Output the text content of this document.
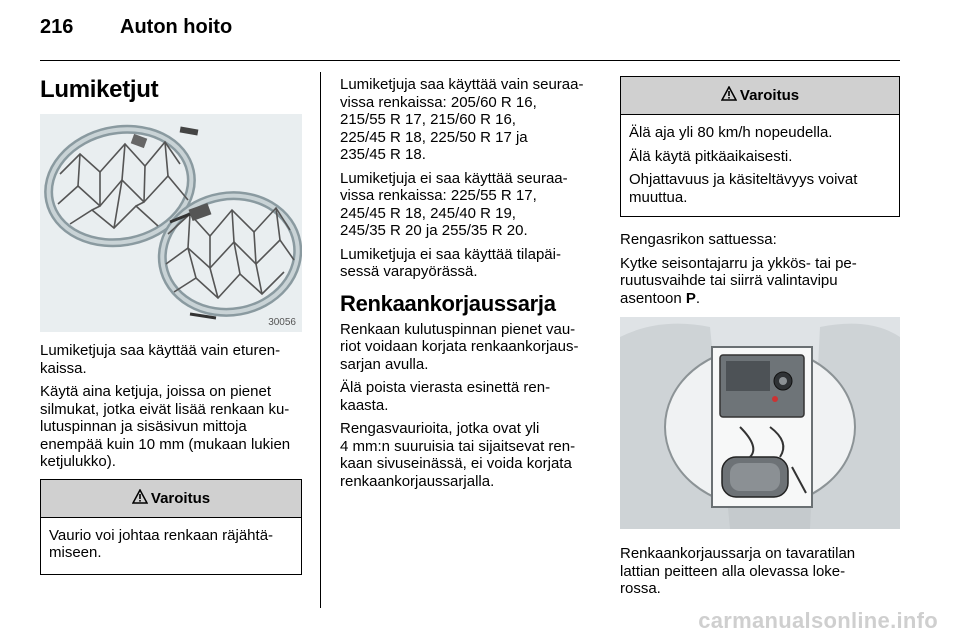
216	Auton hoito
Lumiketjut
30056

Lumiketjuja saa käyttää vain eturen-
kaissa.

Käytä aina ketjuja, joissa on pienet
silmukat, jotka eivät lisää renkaan ku-
lutuspinnan ja sisäsivun mittoja
enempää kuin 10 mm (mukaan lukien
ketjulukko).

Varoitus

Vaurio voi johtaa renkaan räjähtä-
miseen.

Lumiketjuja saa käyttää vain seuraa-
vissa renkaissa: 205/60 R 16,
215/55 R 17, 215/60 R 16,
225/45 R 18, 225/50 R 17 ja
235/45 R 18.

Lumiketjuja ei saa käyttää seuraa-
vissa renkaissa: 225/55 R 17,
245/45 R 18, 245/40 R 19,
245/35 R 20 ja 255/35 R 20.

Lumiketjuja ei saa käyttää tilapäi-
sessä varapyörässä.

Renkaankorjaussarja

Renkaan kulutuspinnan pienet vau-
riot voidaan korjata renkaankorjaus-
sarjan avulla.

Älä poista vierasta esinettä ren-
kaasta.

Rengasvaurioita, jotka ovat yli
4 mm:n suuruisia tai sijaitsevat ren-
kaan sivuseinässä, ei voida korjata
renkaankorjaussarjalla.

Varoitus

Älä aja yli 80 km/h nopeudella.

Älä käytä pitkäaikaisesti.

Ohjattavuus ja käsiteltävyys voivat
muuttua.

Rengasrikon sattuessa:

Kytke seisontajarru ja ykkös- tai pe-
ruutusvaihde tai siirrä valintavipu
asentoon P.

Renkaankorjaussarja on tavaratilan
lattian peitteen alla olevassa loke-
rossa.

carmanualsonline.info
